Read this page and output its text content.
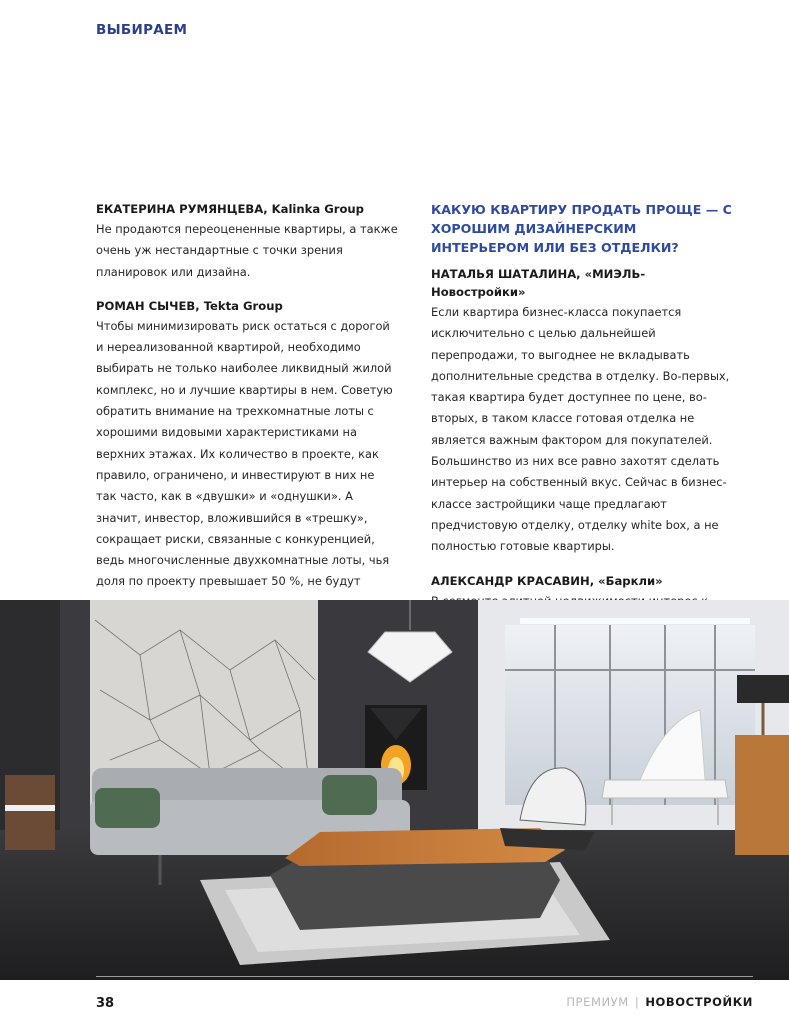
ВЫБИРАЕМ
ЕКАТЕРИНА РУМЯНЦЕВА, Kalinka Group

Не продаются переоцененные квартиры, а также очень уж нестандартные с точки зрения планировок или дизайна.

РОМАН СЫЧЕВ, Tekta Group

Чтобы минимизировать риск остаться с дорогой и нереализованной квартирой, необходимо выбирать не только наиболее ликвидный жилой комплекс, но и лучшие квартиры в нем. Советую обратить внимание на трехкомнатные лоты с хорошими видовыми характеристиками на верхних этажах. Их количество в проекте, как правило, ограничено, и инвестируют в них не так часто, как в «двушки» и «однушки». А значит, инвестор, вложившийся в «трешку», сокращает риски, связанные с конкуренцией, ведь многочисленные двухкомнатные лоты, чья доля по проекту превышает 50 %, не будут

КАКУЮ КВАРТИРУ ПРОДАТЬ ПРОЩЕ — С ХОРОШИМ ДИЗАЙНЕРСКИМ ИНТЕРЬЕРОМ ИЛИ БЕЗ ОТДЕЛКИ?
НАТАЛЬЯ ШАТАЛИНА, «МИЭЛЬ-Новостройки»

Если квартира бизнес-класса покупается исключительно с целью дальнейшей перепродажи, то выгоднее не вкладывать дополнительные средства в отделку. Во-первых, такая квартира будет доступнее по цене, во-вторых, в таком классе готовая отделка не является важным фактором для покупателей. Большинство из них все равно захотят сделать интерьер на собственный вкус. Сейчас в бизнес-классе застройщики чаще предлагают предчистовую отделку, отделку white box, а не полностью готовые квартиры.

АЛЕКСАНДР КРАСАВИН, «Баркли»

38	ПРЕМИУМ | НОВОСТРОЙКИ
